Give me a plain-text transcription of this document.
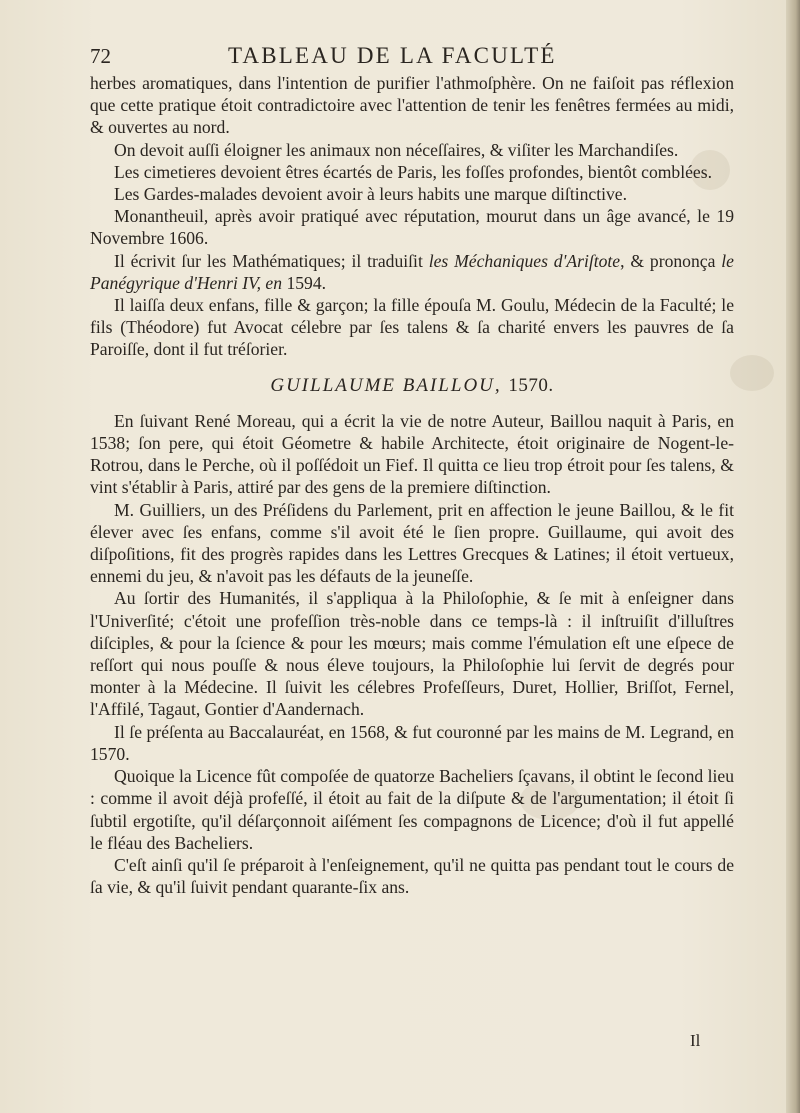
72	TABLEAU DE LA FACULTÉ

herbes aromatiques, dans l'intention de purifier l'athmoſphère. On ne faiſoit pas réflexion que cette pratique étoit contradictoire avec l'attention de tenir les fenêtres fermées au midi, & ouvertes au nord.

On devoit auſſi éloigner les animaux non néceſſaires, & viſiter les Marchandiſes.

Les cimetieres devoient êtres écartés de Paris, les foſſes profondes, bientôt comblées.

Les Gardes-malades devoient avoir à leurs habits une marque diſtinctive.

Monantheuil, après avoir pratiqué avec réputation, mourut dans un âge avancé, le 19 Novembre 1606.

Il écrivit ſur les Mathématiques; il traduiſit les Méchaniques d'Ariſtote, & prononça le Panégyrique d'Henri IV, en 1594.

Il laiſſa deux enfans, fille & garçon; la fille épouſa M. Goulu, Médecin de la Faculté; le fils (Théodore) fut Avocat célebre par ſes talens & ſa charité envers les pauvres de ſa Paroiſſe, dont il fut tréſorier.

GUILLAUME BAILLOU, 1570.

En ſuivant René Moreau, qui a écrit la vie de notre Auteur, Baillou naquit à Paris, en 1538; ſon pere, qui étoit Géometre & habile Architecte, étoit originaire de Nogent-le-Rotrou, dans le Perche, où il poſſédoit un Fief. Il quitta ce lieu trop étroit pour ſes talens, & vint s'établir à Paris, attiré par des gens de la premiere diſtinction.

M. Guilliers, un des Préſidens du Parlement, prit en affection le jeune Baillou, & le fit élever avec ſes enfans, comme s'il avoit été le ſien propre. Guillaume, qui avoit des diſpoſitions, fit des progrès rapides dans les Lettres Grecques & Latines; il étoit vertueux, ennemi du jeu, & n'avoit pas les défauts de la jeuneſſe.

Au ſortir des Humanités, il s'appliqua à la Philoſophie, & ſe mit à enſeigner dans l'Univerſité; c'étoit une profeſſion très-noble dans ce temps-là : il inſtruiſit d'illuſtres diſciples, & pour la ſcience & pour les mœurs; mais comme l'émulation eſt une eſpece de reſſort qui nous pouſſe & nous éleve toujours, la Philoſophie lui ſervit de degrés pour monter à la Médecine. Il ſuivit les célebres Profeſſeurs, Duret, Hollier, Briſſot, Fernel, l'Affilé, Tagaut, Gontier d'Aandernach.

Il ſe préſenta au Baccalauréat, en 1568, & fut couronné par les mains de M. Legrand, en 1570.

Quoique la Licence fût compoſée de quatorze Bacheliers ſçavans, il obtint le ſecond lieu : comme il avoit déjà profeſſé, il étoit au fait de la diſpute & de l'argumentation; il étoit ſi ſubtil ergotiſte, qu'il déſarçonnoit aiſément ſes compagnons de Licence; d'où il fut appellé le fléau des Bacheliers.

C'eſt ainſi qu'il ſe préparoit à l'enſeignement, qu'il ne quitta pas pendant tout le cours de ſa vie, & qu'il ſuivit pendant quarante-ſix ans.

Il
